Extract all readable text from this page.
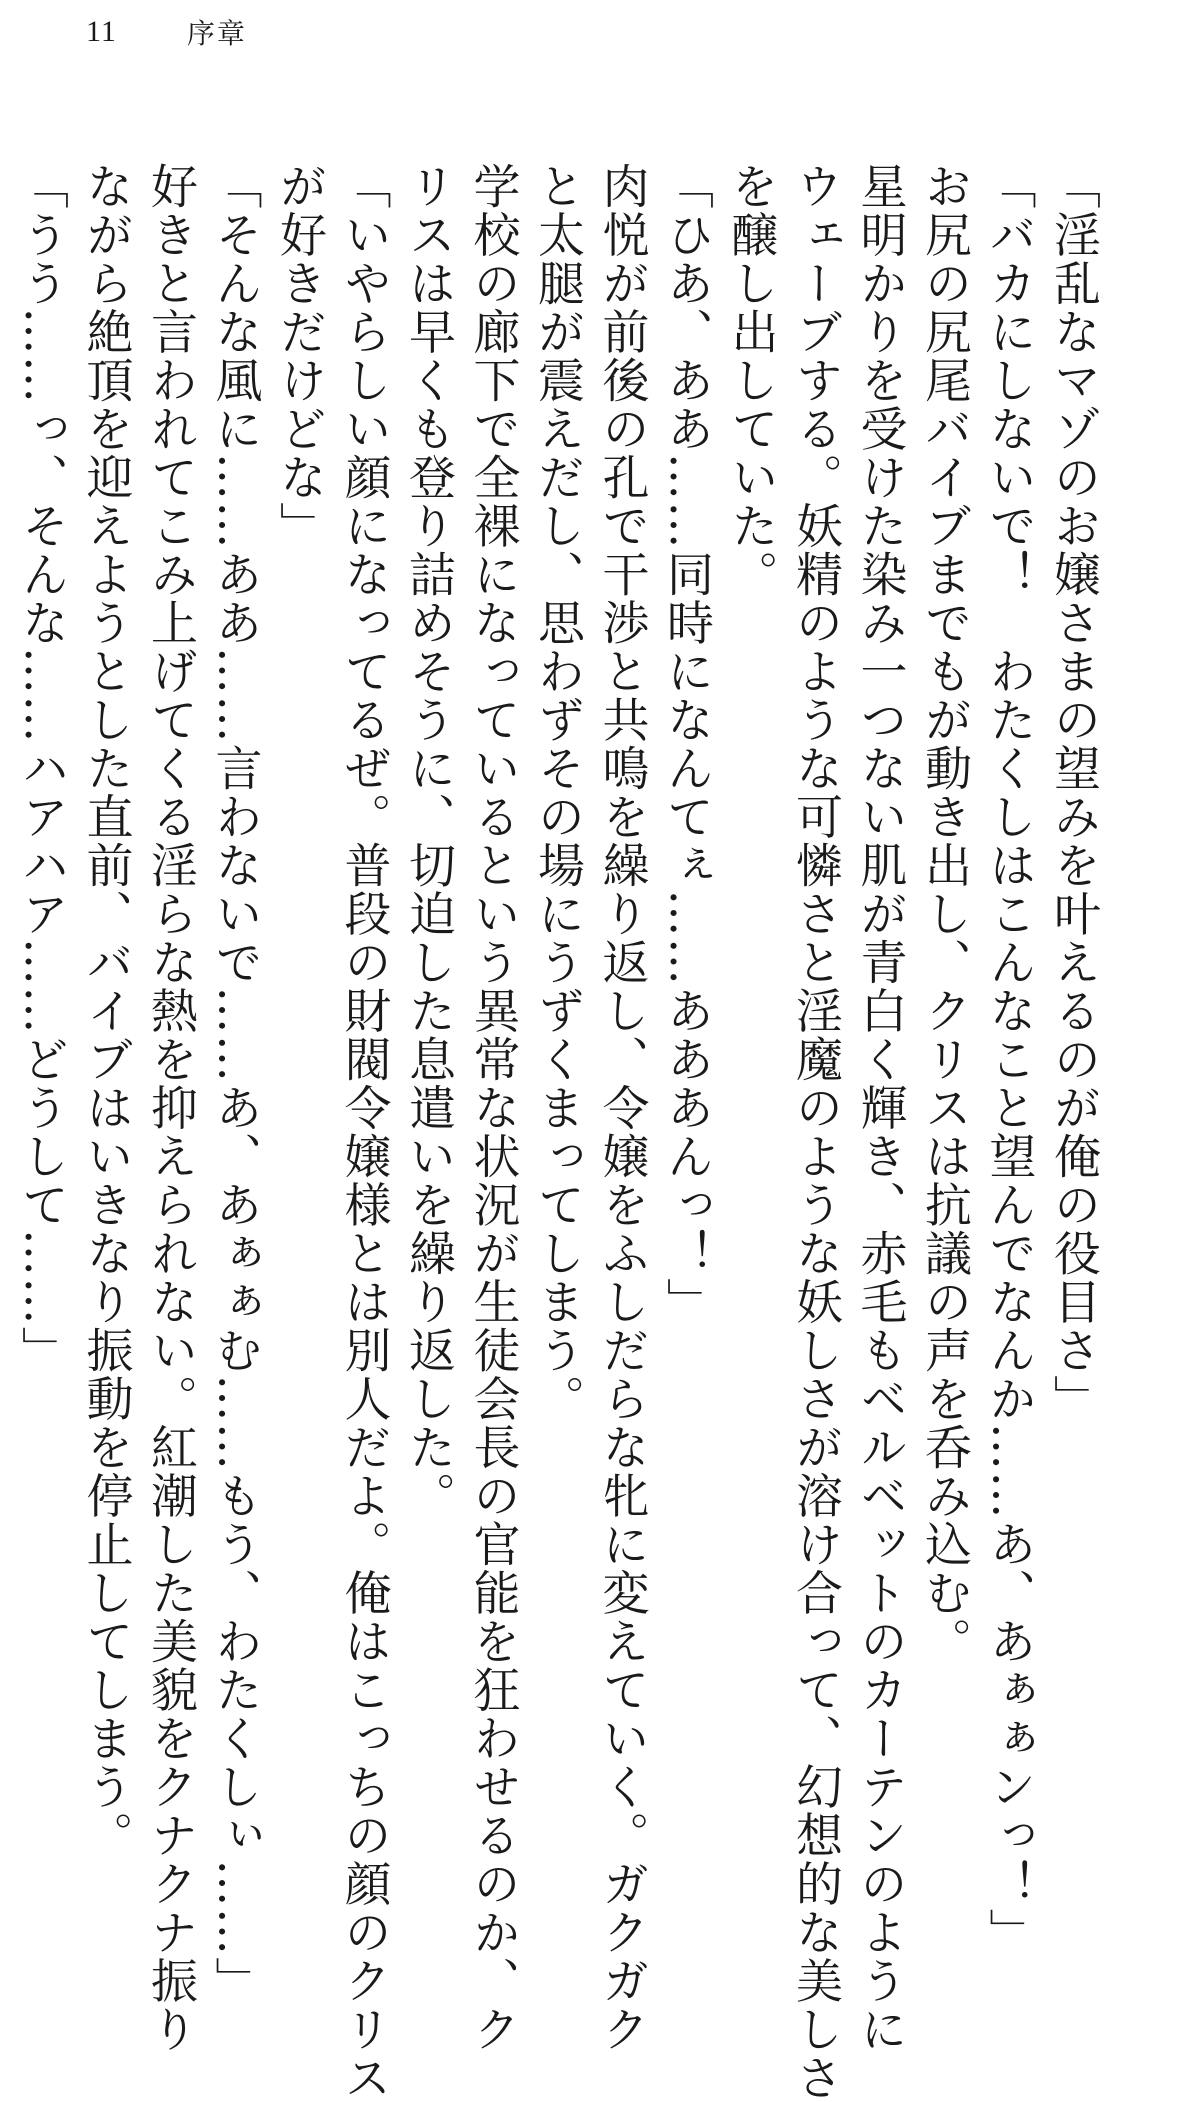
11	序章
「淫乱なマゾのお嬢さまの望みを叶えるのが俺の役目さ」
「バカにしないで！　わたくしはこんなこと望んでなんか……あ、あぁぁンっ！」
お尻の尻尾バイブまでもが動き出し、クリスは抗議の声を呑み込む。
星明かりを受けた染み一つない肌が青白く輝き、赤毛もベルベットのカーテンのように
ウェーブする。妖精のような可憐さと淫魔のような妖しさが溶け合って、幻想的な美しさ
を醸し出していた。
「ひあ、ああ……同時になんてぇ……あああんっ！」
肉悦が前後の孔で干渉と共鳴を繰り返し、令嬢をふしだらな牝に変えていく。ガクガク
と太腿が震えだし、思わずその場にうずくまってしまう。
学校の廊下で全裸になっているという異常な状況が生徒会長の官能を狂わせるのか、ク
リスは早くも登り詰めそうに、切迫した息遣いを繰り返した。
「いやらしい顔になってるぜ。普段の財閥令嬢様とは別人だよ。俺はこっちの顔のクリス
が好きだけどな」
「そんな風に……ああ……言わないで……あ、あぁぁむ……もう、わたくしぃ……」
好きと言われてこみ上げてくる淫らな熱を抑えられない。紅潮した美貌をクナクナ振り
ながら絶頂を迎えようとした直前、バイブはいきなり振動を停止してしまう。
「うう……っ、そんな……ハアハア……どうして……」
